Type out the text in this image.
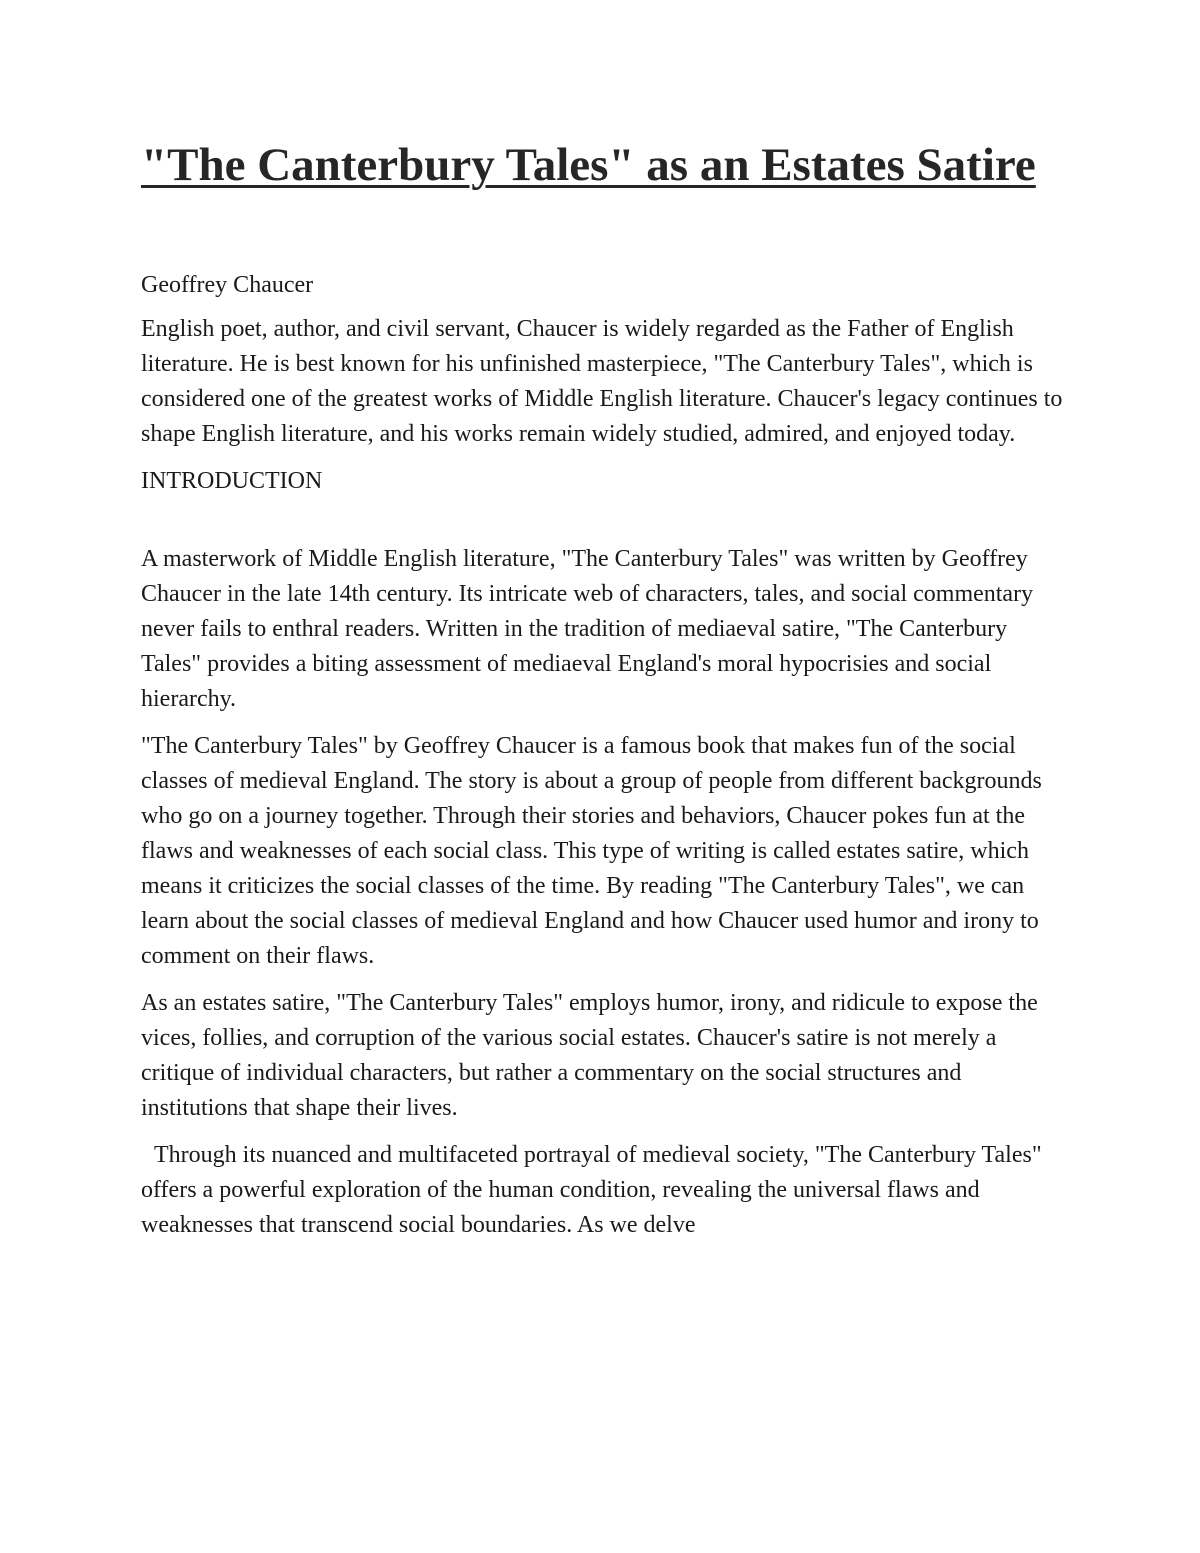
"The Canterbury Tales" as an Estates Satire

Geoffrey Chaucer

English poet, author, and civil servant, Chaucer is widely regarded as the Father of English literature. He is best known for his unfinished masterpiece, "The Canterbury Tales", which is considered one of the greatest works of Middle English literature. Chaucer's legacy continues to shape English literature, and his works remain widely studied, admired, and enjoyed today.

INTRODUCTION

A masterwork of Middle English literature, "The Canterbury Tales" was written by Geoffrey Chaucer in the late 14th century. Its intricate web of characters, tales, and social commentary never fails to enthral readers. Written in the tradition of mediaeval satire, "The Canterbury Tales" provides a biting assessment of mediaeval England's moral hypocrisies and social hierarchy.

"The Canterbury Tales" by Geoffrey Chaucer is a famous book that makes fun of the social classes of medieval England. The story is about a group of people from different backgrounds who go on a journey together. Through their stories and behaviors, Chaucer pokes fun at the flaws and weaknesses of each social class. This type of writing is called estates satire, which means it criticizes the social classes of the time. By reading "The Canterbury Tales", we can learn about the social classes of medieval England and how Chaucer used humor and irony to comment on their flaws.

As an estates satire, "The Canterbury Tales" employs humor, irony, and ridicule to expose the vices, follies, and corruption of the various social estates. Chaucer's satire is not merely a critique of individual characters, but rather a commentary on the social structures and institutions that shape their lives.

Through its nuanced and multifaceted portrayal of medieval society, "The Canterbury Tales" offers a powerful exploration of the human condition, revealing the universal flaws and weaknesses that transcend social boundaries. As we delve
